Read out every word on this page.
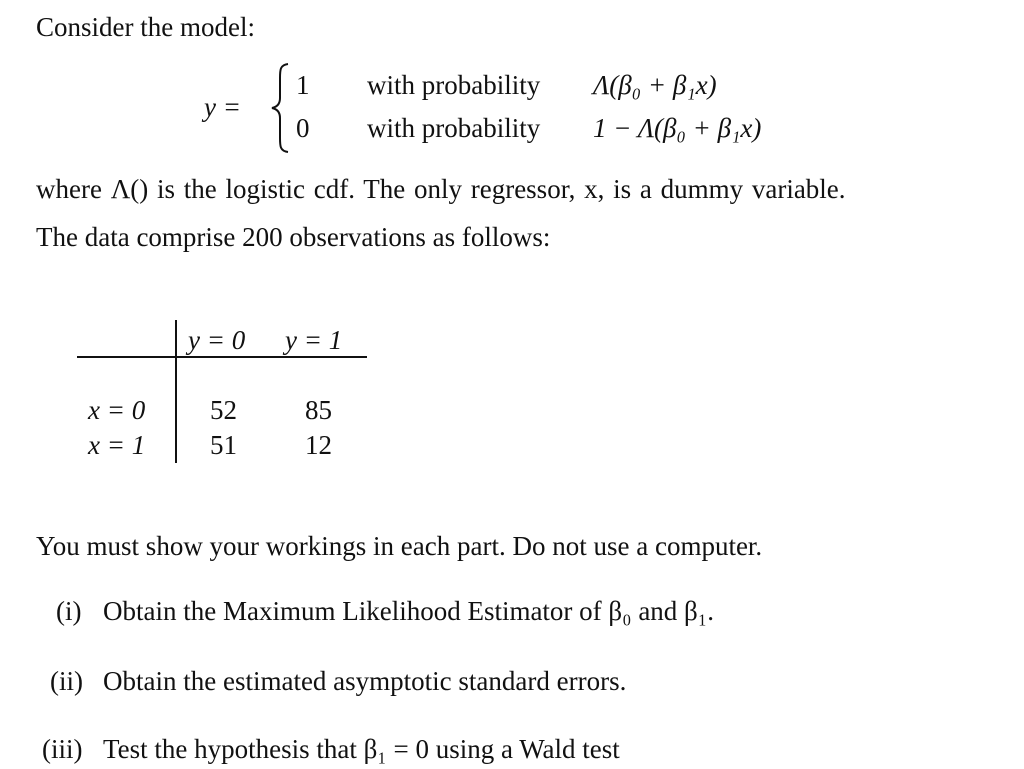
Consider the model:
y =
1 with probability Λ(β₀ + β₁x)
0 with probability 1 − Λ(β₀ + β₁x)
where Λ() is the logistic cdf. The only regressor, x, is a dummy variable.
The data comprise 200 observations as follows:
y = 0 y = 1
x = 0 52	85
x = 1 51	12
You must show your workings in each part. Do not use a computer.
(i) Obtain the Maximum Likelihood Estimator of β₀ and β₁.
(ii) Obtain the estimated asymptotic standard errors.
(iii) Test the hypothesis that β₁ = 0 using a Wald test
